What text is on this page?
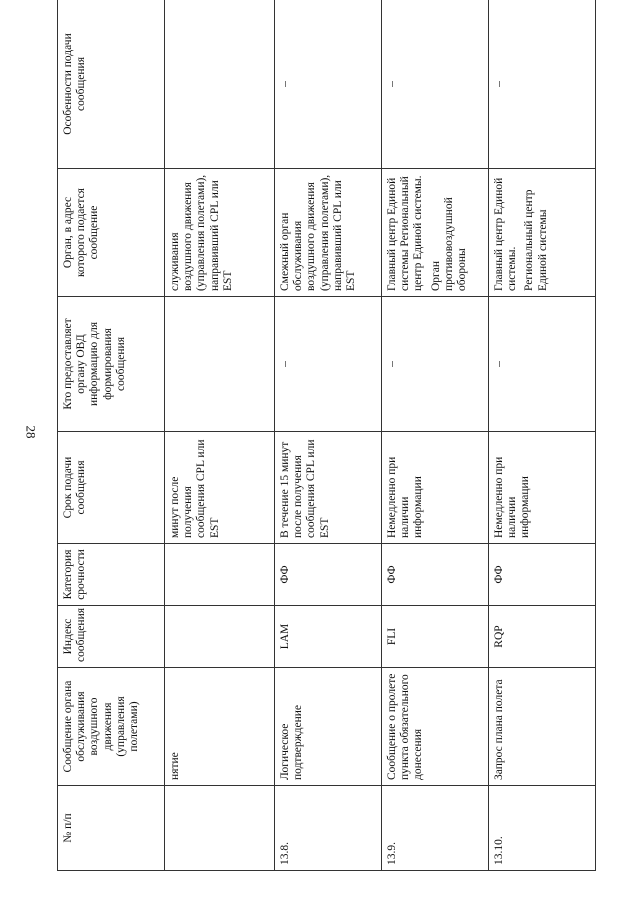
28
№ п/п	Сообщение органа обслуживания воздушного движения (управления полетами)	Индекс сообщения	Категория срочности	Срок подачи сообщения	Кто предоставляет органу ОВД информацию для формирования сообщения	Орган, в адрес которого подается сообщение	Особенности подачи сообщения
	нятие			минут после получения сообщения CPL или EST		служивания воздушного движения (управления полетами), направивший CPL или EST	
13.8.	Логическое подтверждение	LAM	ФФ	В течение 15 минут после получения сообщения CPL или EST	–	Смежный орган обслуживания воздушного движения (управления полетами), направивший CPL или EST	–
13.9.	Сообщение о пролете пункта обязательного донесения	FLI	ФФ	Немедленно при наличии информации	–	Главный центр Единой системы Региональный центр Единой системы. Орган противовоздушной обороны	–
13.10.	Запрос плана полета	RQP	ФФ	Немедленно при наличии информации	–	Главный центр Единой системы. Региональный центр Единой системы	–
